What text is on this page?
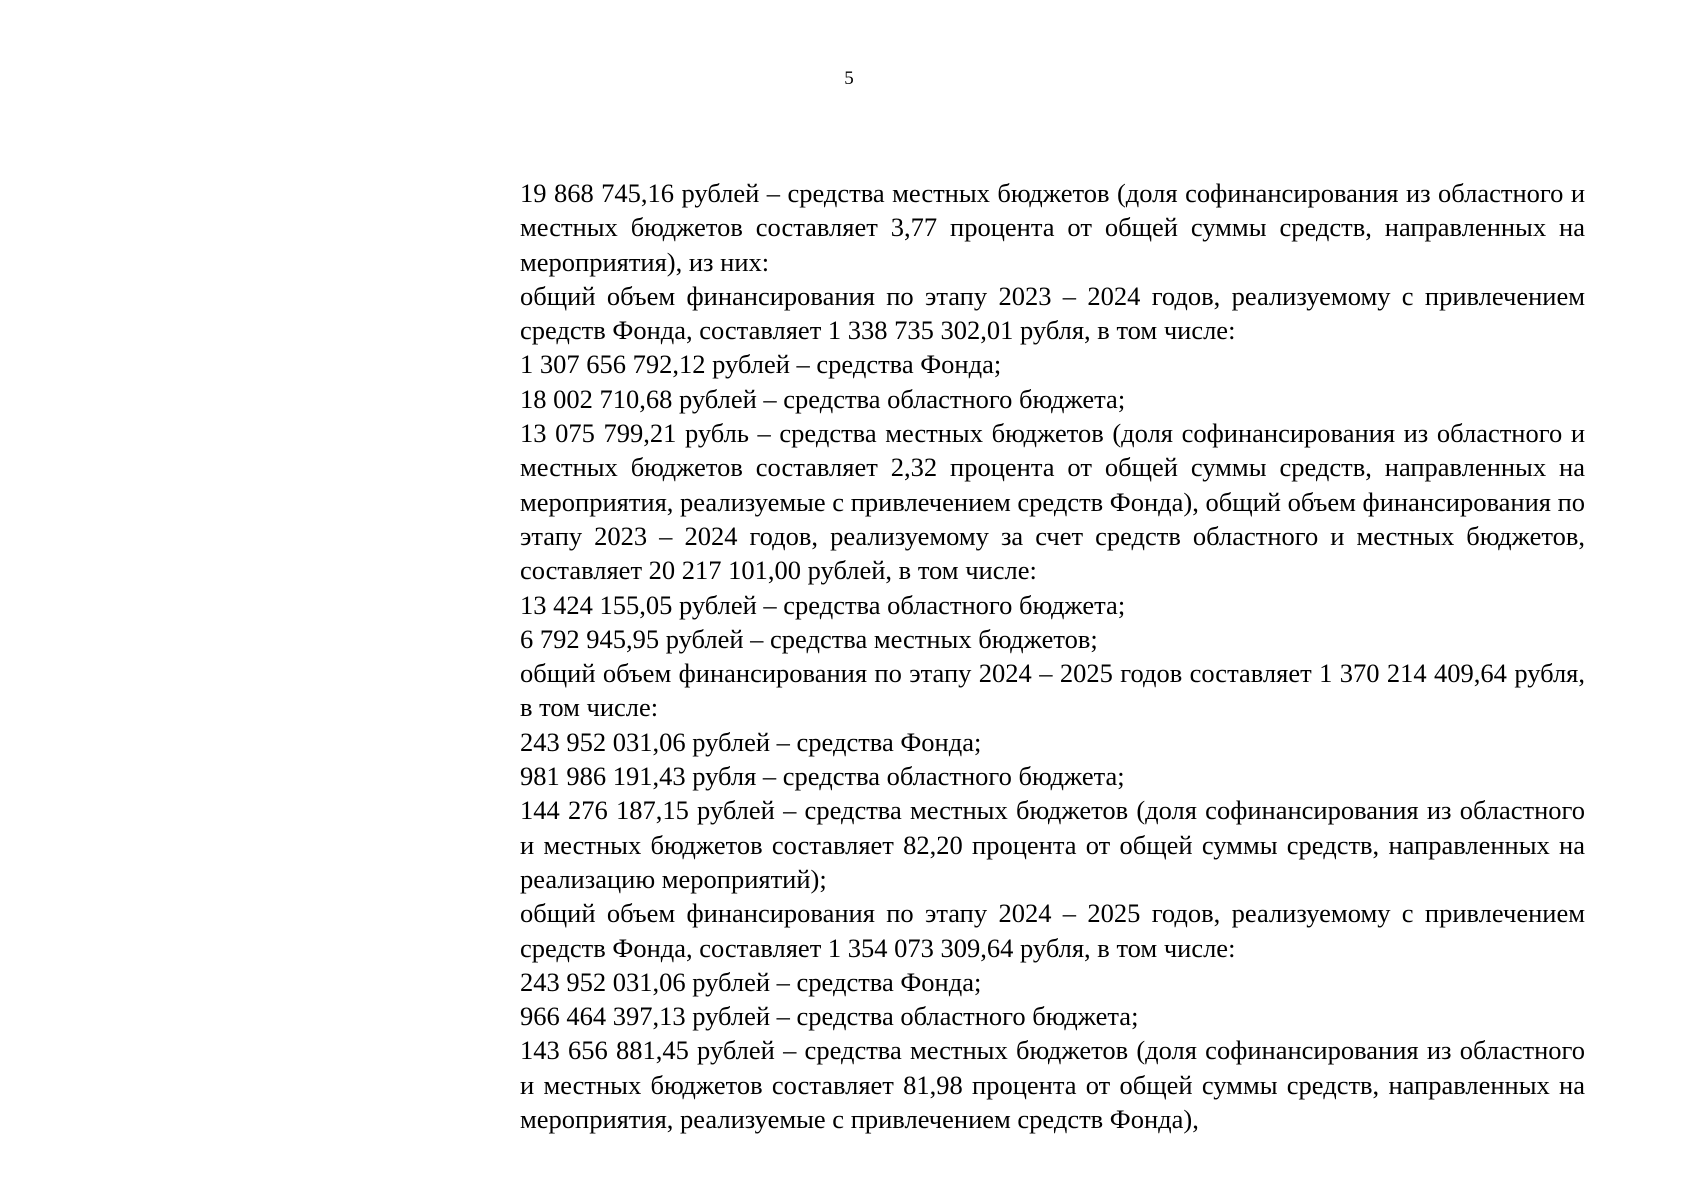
5

19 868 745,16 рублей – средства местных бюджетов (доля софинансирования из областного и местных бюджетов составляет 3,77 процента от общей суммы средств, направленных на мероприятия), из них:

общий объем финансирования по этапу 2023 – 2024 годов, реализуемому с привлечением средств Фонда, составляет 1 338 735 302,01 рубля, в том числе:

1 307 656 792,12 рублей – средства Фонда;

18 002 710,68 рублей – средства областного бюджета;

13 075 799,21 рубль – средства местных бюджетов (доля софинансирования из областного и местных бюджетов составляет 2,32 процента от общей суммы средств, направленных на мероприятия, реализуемые с привлечением средств Фонда), общий объем финансирования по этапу 2023 – 2024 годов, реализуемому за счет средств областного и местных бюджетов, составляет 20 217 101,00 рублей, в том числе:

13 424 155,05 рублей – средства областного бюджета;

6 792 945,95 рублей – средства местных бюджетов;

общий объем финансирования по этапу 2024 – 2025 годов составляет 1 370 214 409,64 рубля, в том числе:

243 952 031,06 рублей – средства Фонда;

981 986 191,43 рубля – средства областного бюджета;

144 276 187,15 рублей – средства местных бюджетов (доля софинансирования из областного и местных бюджетов составляет 82,20 процента от общей суммы средств, направленных на реализацию мероприятий);

общий объем финансирования по этапу 2024 – 2025 годов, реализуемому с привлечением средств Фонда, составляет 1 354 073 309,64 рубля, в том числе:

243 952 031,06 рублей – средства Фонда;

966 464 397,13 рублей – средства областного бюджета;

143 656 881,45 рублей – средства местных бюджетов (доля софинансирования из областного и местных бюджетов составляет 81,98 процента от общей суммы средств, направленных на мероприятия, реализуемые с привлечением средств Фонда),
